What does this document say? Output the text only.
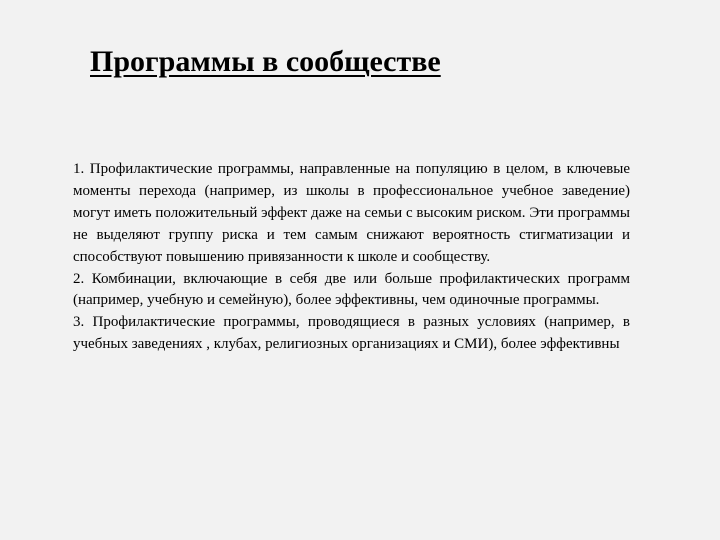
Программы в сообществе

1. Профилактические программы, направленные на популяцию в целом, в ключевые моменты перехода (например, из школы в профессиональное учебное заведение) могут иметь положительный эффект даже на семьи с высоким риском. Эти программы не выделяют группу риска и тем самым снижают вероятность стигматизации и способствуют повышению привязанности к школе и сообществу.

2. Комбинации, включающие в себя две или больше профилактических программ (например, учебную и семейную), более эффективны, чем одиночные программы.

3. Профилактические программы, проводящиеся в разных условиях (например, в учебных заведениях , клубах, религиозных организациях и СМИ), более эффективны
